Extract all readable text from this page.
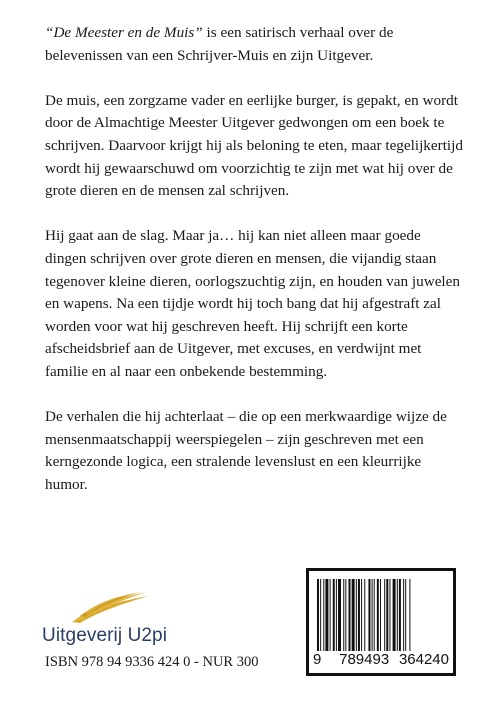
“De Meester en de Muis” is een satirisch verhaal over de belevenissen van een Schrijver-Muis en zijn Uitgever.

De muis, een zorgzame vader en eerlijke burger, is gepakt, en wordt door de Almachtige Meester Uitgever gedwongen om een boek te schrijven. Daarvoor krijgt hij als beloning te eten, maar tegelijkertijd wordt hij gewaarschuwd om voorzichtig te zijn met wat hij over de grote dieren en de mensen zal schrijven.

Hij gaat aan de slag. Maar ja… hij kan niet alleen maar goede dingen schrijven over grote dieren en mensen, die vijandig staan tegenover kleine dieren, oorlogszuchtig zijn, en houden van juwelen en wapens. Na een tijdje wordt hij toch bang dat hij afgestraft zal worden voor wat hij geschreven heeft. Hij schrijft een korte afscheidsbrief aan de Uitgever, met excuses, en verdwijnt met familie en al naar een onbekende bestemming.

De verhalen die hij achterlaat – die op een merkwaardige wijze de mensenmaatschappij weerspiegelen – zijn geschreven met een kerngezonde logica, een stralende levenslust en een kleurrijke humor.

Uitgeverij U2pi
ISBN 978 94 9336 424 0 - NUR 300	9 789493 364240
